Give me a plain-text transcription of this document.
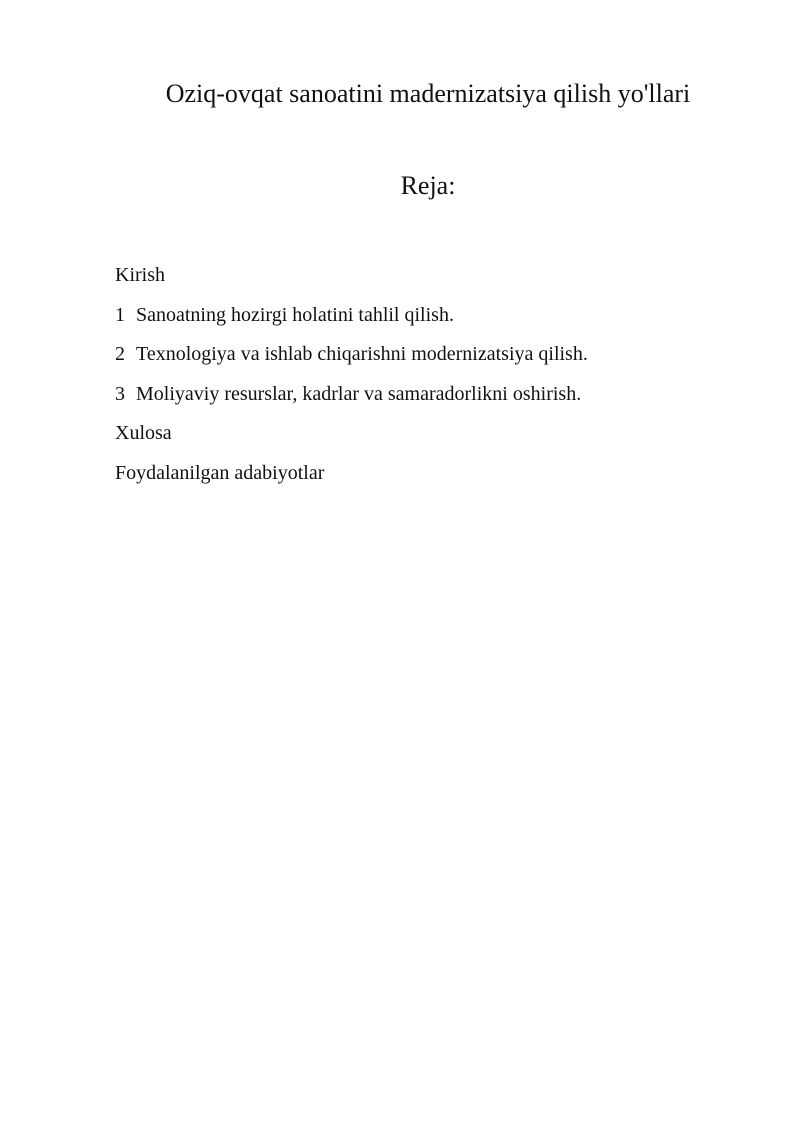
Oziq-ovqat sanoatini madernizatsiya qilish yo'llari
Reja:
Kirish
1 Sanoatning hozirgi holatini tahlil qilish.
2 Texnologiya va ishlab chiqarishni modernizatsiya qilish.
3 Moliyaviy resurslar, kadrlar va samaradorlikni oshirish.
Xulosa
Foydalanilgan adabiyotlar
